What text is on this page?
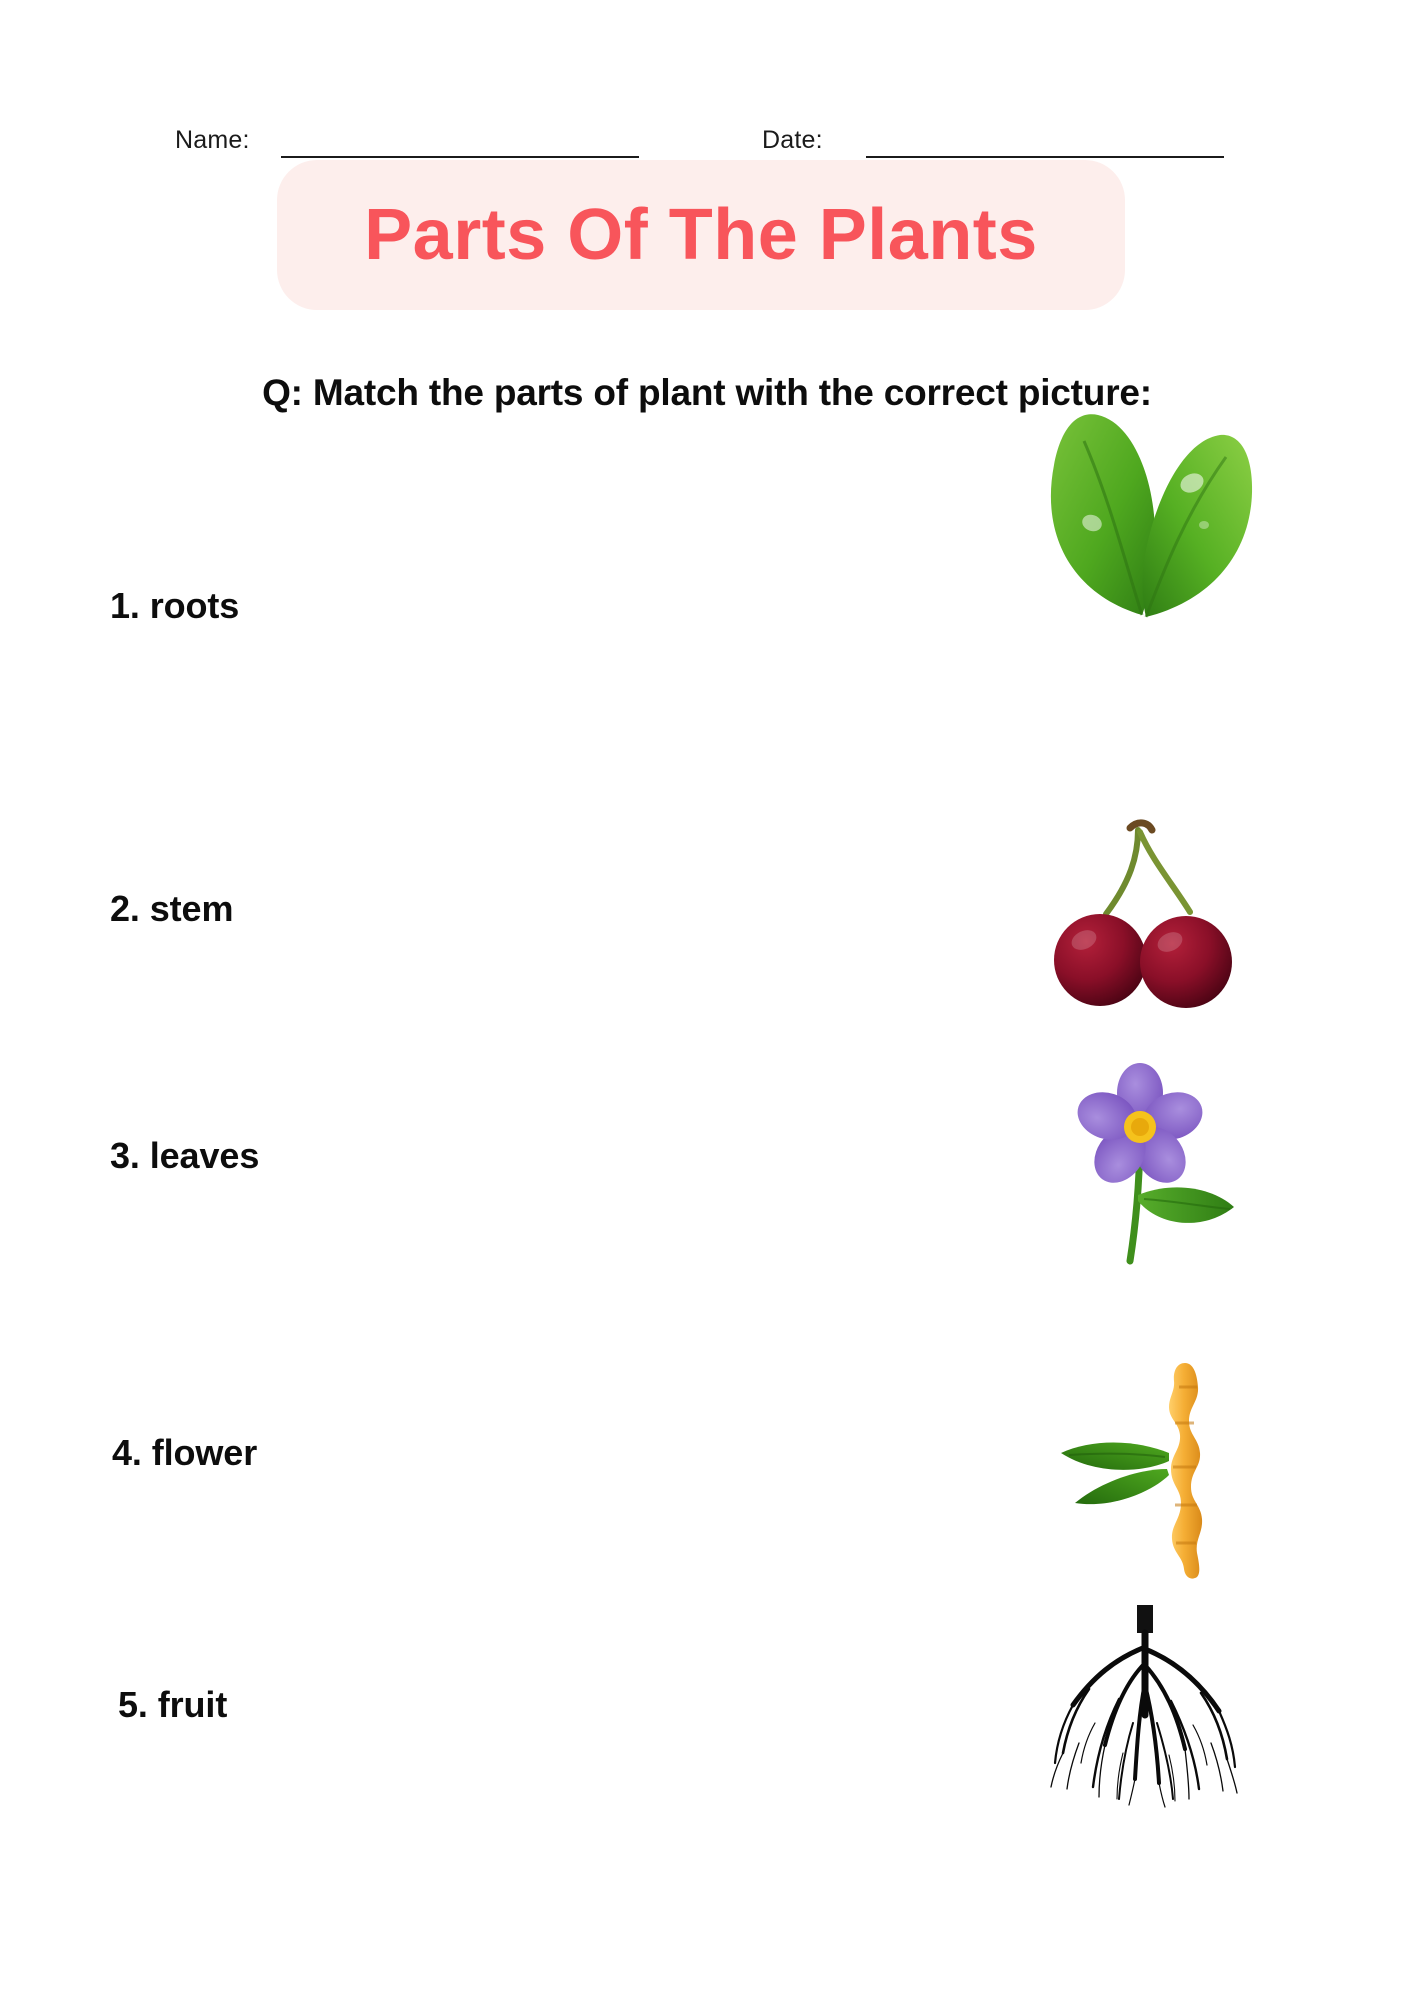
Name:	Date:
Parts Of The Plants
Q: Match the parts of plant with the correct picture:
1. roots
2. stem
3. leaves
4. flower
5. fruit
